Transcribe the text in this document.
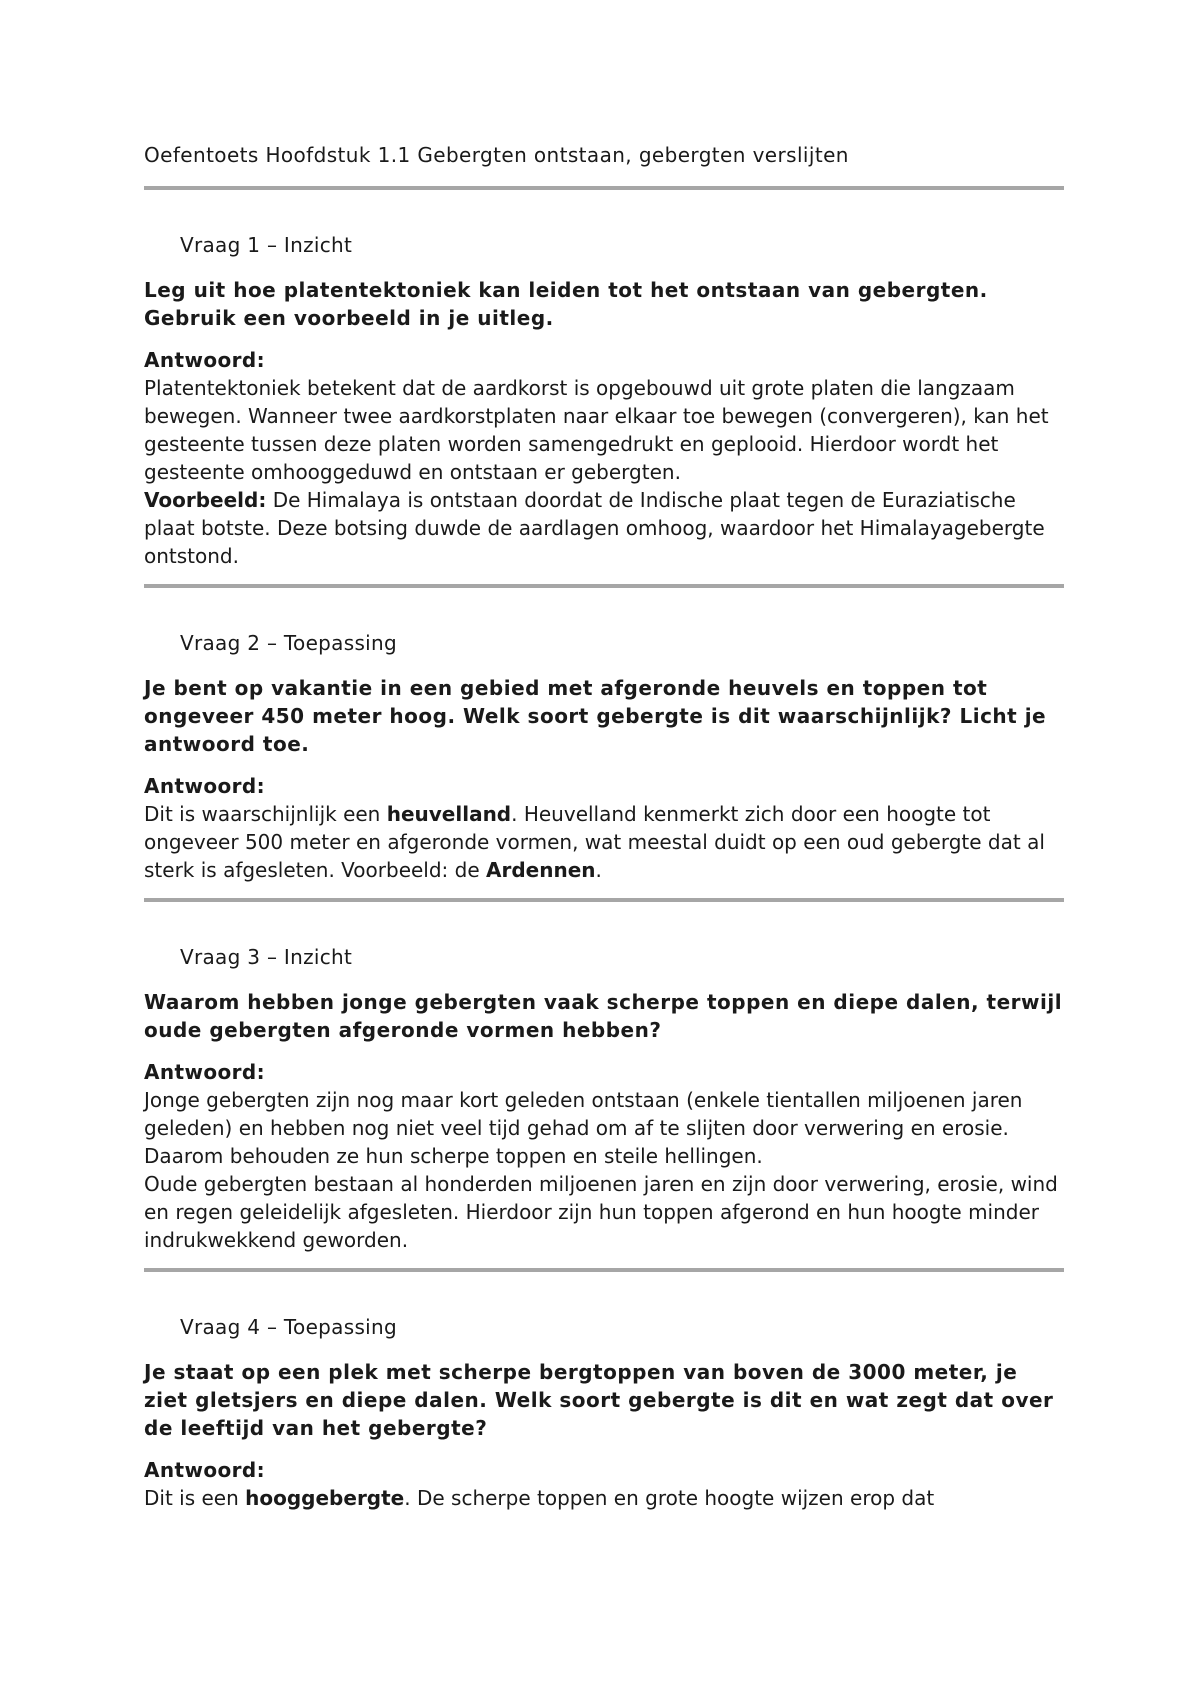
Oefentoets Hoofdstuk 1.1 Gebergten ontstaan, gebergten verslijten
Vraag 1 – Inzicht

Leg uit hoe platentektoniek kan leiden tot het ontstaan van gebergten. Gebruik een voorbeeld in je uitleg.

Antwoord:

Platentektoniek betekent dat de aardkorst is opgebouwd uit grote platen die langzaam bewegen. Wanneer twee aardkorstplaten naar elkaar toe bewegen (convergeren), kan het gesteente tussen deze platen worden samengedrukt en geplooid. Hierdoor wordt het gesteente omhooggeduwd en ontstaan er gebergten.

Voorbeeld: De Himalaya is ontstaan doordat de Indische plaat tegen de Euraziatische plaat botste. Deze botsing duwde de aardlagen omhoog, waardoor het Himalayagebergte ontstond.

Vraag 2 – Toepassing

Je bent op vakantie in een gebied met afgeronde heuvels en toppen tot ongeveer 450 meter hoog. Welk soort gebergte is dit waarschijnlijk? Licht je antwoord toe.

Antwoord:

Dit is waarschijnlijk een heuvelland. Heuvelland kenmerkt zich door een hoogte tot ongeveer 500 meter en afgeronde vormen, wat meestal duidt op een oud gebergte dat al sterk is afgesleten. Voorbeeld: de Ardennen.

Vraag 3 – Inzicht

Waarom hebben jonge gebergten vaak scherpe toppen en diepe dalen, terwijl oude gebergten afgeronde vormen hebben?

Antwoord:

Jonge gebergten zijn nog maar kort geleden ontstaan (enkele tientallen miljoenen jaren geleden) en hebben nog niet veel tijd gehad om af te slijten door verwering en erosie. Daarom behouden ze hun scherpe toppen en steile hellingen.

Oude gebergten bestaan al honderden miljoenen jaren en zijn door verwering, erosie, wind en regen geleidelijk afgesleten. Hierdoor zijn hun toppen afgerond en hun hoogte minder indrukwekkend geworden.

Vraag 4 – Toepassing

Je staat op een plek met scherpe bergtoppen van boven de 3000 meter, je ziet gletsjers en diepe dalen. Welk soort gebergte is dit en wat zegt dat over de leeftijd van het gebergte?

Antwoord:

Dit is een hooggebergte. De scherpe toppen en grote hoogte wijzen erop dat
